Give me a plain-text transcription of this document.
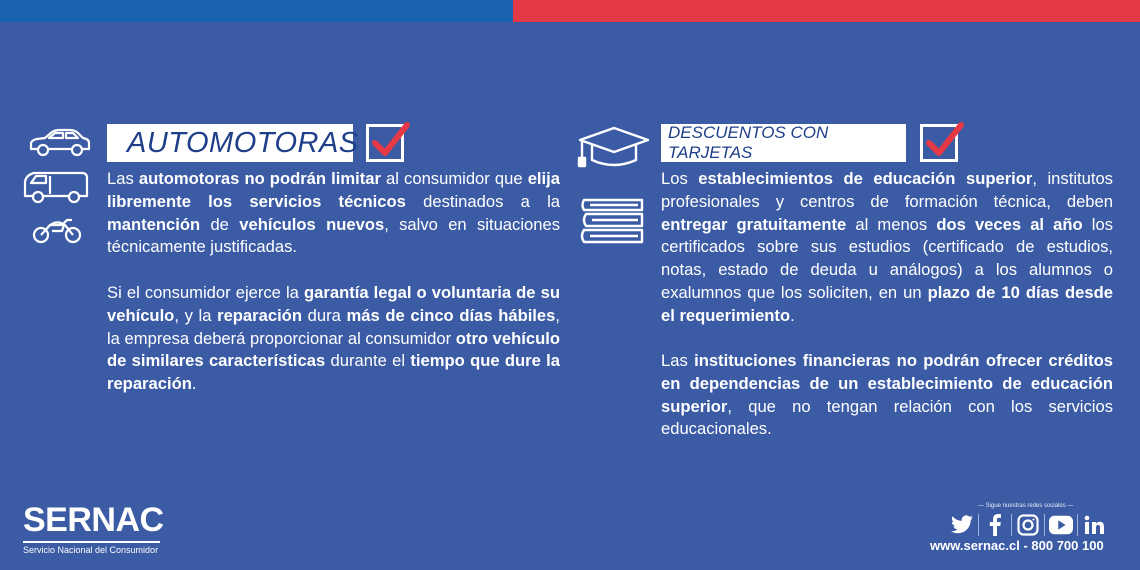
AUTOMOTORAS

Las automotoras no podrán limitar al consumidor que elija libremente los servicios técnicos destinados a la mantención de vehículos nuevos, salvo en situaciones técnicamente justificadas.

Si el consumidor ejerce la garantía legal o voluntaria de su vehículo, y la reparación dura más de cinco días hábiles, la empresa deberá proporcionar al consumidor otro vehículo de similares características durante el tiempo que dure la reparación.

DESCUENTOS CON TARJETAS

Los establecimientos de educación superior, institutos profesionales y centros de formación técnica, deben entregar gratuitamente al menos dos veces al año los certificados sobre sus estudios (certificado de estudios, notas, estado de deuda u análogos) a los alumnos o exalumnos que los soliciten, en un plazo de 10 días desde el requerimiento.

Las instituciones financieras no podrán ofrecer créditos en dependencias de un establecimiento de educación superior, que no tengan relación con los servicios educacionales.

SERNAC
Servicio Nacional del Consumidor
— Sigue nuestras redes sociales —
www.sernac.cl - 800 700 100
